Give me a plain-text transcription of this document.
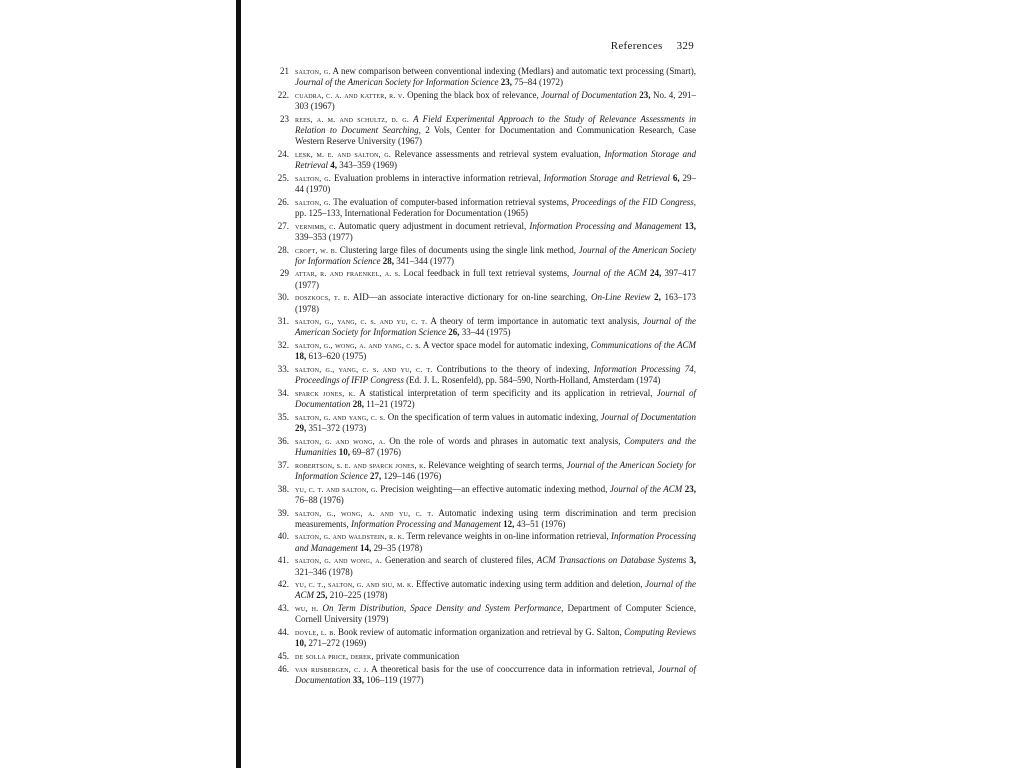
References 329
21 salton, g. A new comparison between conventional indexing (Medlars) and automatic text processing (Smart), Journal of the American Society for Information Science 23, 75–84 (1972)
22. cuadra, c. a. and katter, r. v. Opening the black box of relevance, Journal of Documentation 23, No. 4, 291–303 (1967)
23 rees, a. m. and schultz, d. g. A Field Experimental Approach to the Study of Relevance Assessments in Relation to Document Searching, 2 Vols, Center for Documentation and Communication Research, Case Western Reserve University (1967)
24. lesk, m. e. and salton, g. Relevance assessments and retrieval system evaluation, Information Storage and Retrieval 4, 343–359 (1969)
25. salton, g. Evaluation problems in interactive information retrieval, Information Storage and Retrieval 6, 29–44 (1970)
26. salton, g. The evaluation of computer-based information retrieval systems, Proceedings of the FID Congress, pp. 125–133, International Federation for Documentation (1965)
27. vernimb, c. Automatic query adjustment in document retrieval, Information Processing and Management 13, 339–353 (1977)
28. croft, w. b. Clustering large files of documents using the single link method, Journal of the American Society for Information Science 28, 341–344 (1977)
29 attar, r. and fraenkel, a. s. Local feedback in full text retrieval systems, Journal of the ACM 24, 397–417 (1977)
30. doszkocs, t. e. AID—an associate interactive dictionary for on-line searching, On-Line Review 2, 163–173 (1978)
31. salton, g., yang, c. s. and yu, c. t. A theory of term importance in automatic text analysis, Journal of the American Society for Information Science 26, 33–44 (1975)
32. salton, g., wong, a. and yang, c. s. A vector space model for automatic indexing, Communications of the ACM 18, 613–620 (1975)
33. salton, g., yang, c. s. and yu, c. t. Contributions to the theory of indexing, Information Processing 74, Proceedings of IFIP Congress (Ed. J. L. Rosenfeld), pp. 584–590, North-Holland, Amsterdam (1974)
34. sparck jones, k. A statistical interpretation of term specificity and its application in retrieval, Journal of Documentation 28, 11–21 (1972)
35. salton, g. and yang, c. s. On the specification of term values in automatic indexing, Journal of Documentation 29, 351–372 (1973)
36. salton, g. and wong, a. On the role of words and phrases in automatic text analysis, Computers and the Humanities 10, 69–87 (1976)
37. robertson, s. e. and sparck jones, k. Relevance weighting of search terms, Journal of the American Society for Information Science 27, 129–146 (1976)
38. yu, c. t. and salton, g. Precision weighting—an effective automatic indexing method, Journal of the ACM 23, 76–88 (1976)
39. salton, g., wong, a. and yu, c. t. Automatic indexing using term discrimination and term precision measurements, Information Processing and Management 12, 43–51 (1976)
40. salton, g. and waldstein, r. k. Term relevance weights in on-line information retrieval, Information Processing and Management 14, 29–35 (1978)
41. salton, g. and wong, a. Generation and search of clustered files, ACM Transactions on Database Systems 3, 321–346 (1978)
42. yu, c. t., salton, g. and siu, m. k. Effective automatic indexing using term addition and deletion, Journal of the ACM 25, 210–225 (1978)
43. wu, h. On Term Distribution, Space Density and System Performance, Department of Computer Science, Cornell University (1979)
44. doyle, l. b. Book review of automatic information organization and retrieval by G. Salton, Computing Reviews 10, 271–272 (1969)
45. de solla price, derek, private communication
46. van rijsbergen, c. j. A theoretical basis for the use of cooccurrence data in information retrieval, Journal of Documentation 33, 106–119 (1977)
